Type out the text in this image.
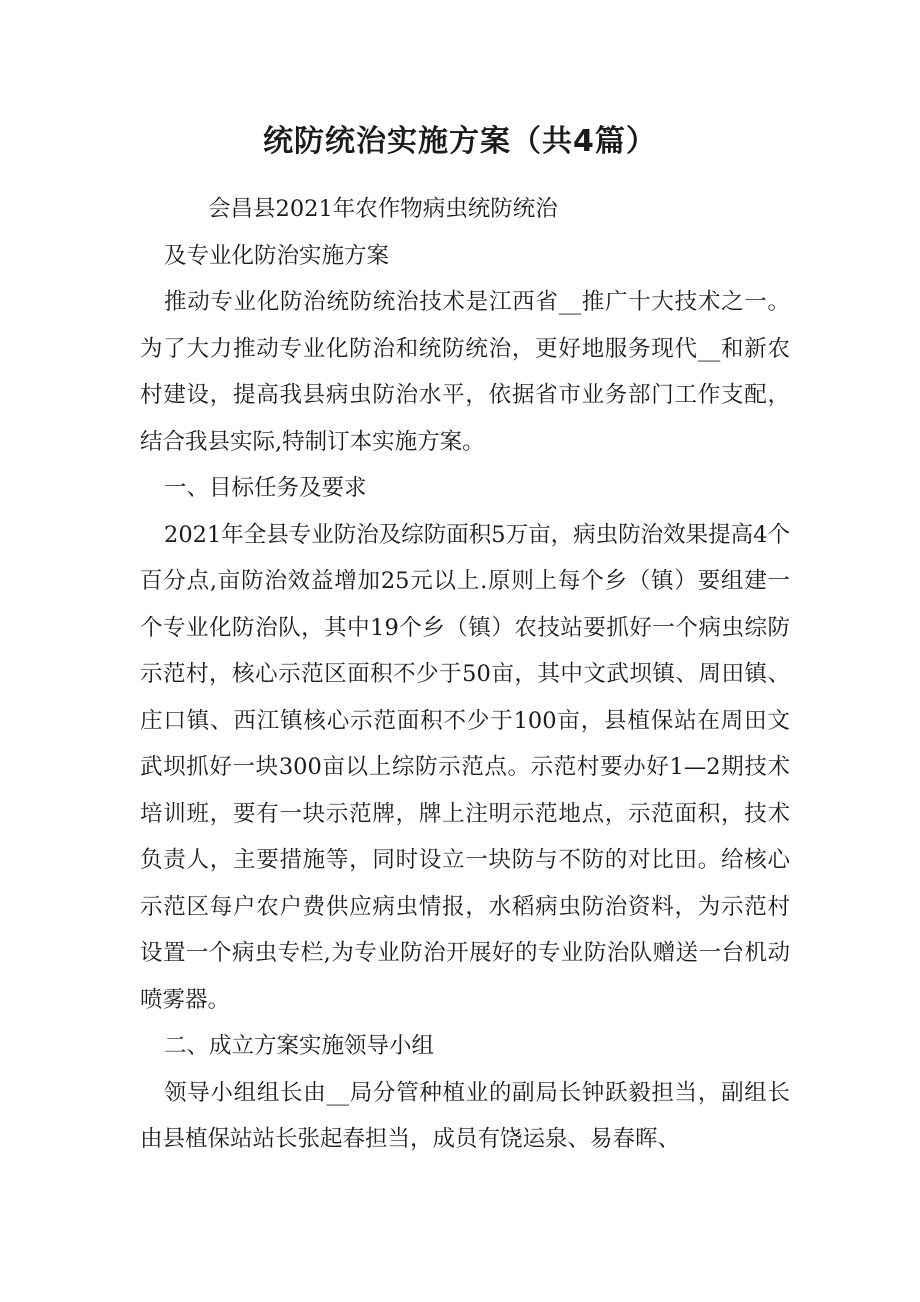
统防统治实施方案（共4篇）

会昌县2021年农作物病虫统防统治

及专业化防治实施方案

推动专业化防治统防统治技术是江西省__推广十大技术之一。为了大力推动专业化防治和统防统治，更好地服务现代__和新农村建设，提高我县病虫防治水平，依据省市业务部门工作支配，结合我县实际,特制订本实施方案。

一、目标任务及要求

2021年全县专业防治及综防面积5万亩，病虫防治效果提高4个百分点,亩防治效益增加25元以上.原则上每个乡（镇）要组建一个专业化防治队，其中19个乡（镇）农技站要抓好一个病虫综防示范村，核心示范区面积不少于50亩，其中文武坝镇、周田镇、庄口镇、西江镇核心示范面积不少于100亩，县植保站在周田文武坝抓好一块300亩以上综防示范点。示范村要办好1—2期技术培训班，要有一块示范牌，牌上注明示范地点，示范面积，技术负责人，主要措施等，同时设立一块防与不防的对比田。给核心示范区每户农户费供应病虫情报，水稻病虫防治资料，为示范村设置一个病虫专栏,为专业防治开展好的专业防治队赠送一台机动喷雾器。

二、成立方案实施领导小组

领导小组组长由__局分管种植业的副局长钟跃毅担当，副组长由县植保站站长张起春担当，成员有饶运泉、易春晖、
